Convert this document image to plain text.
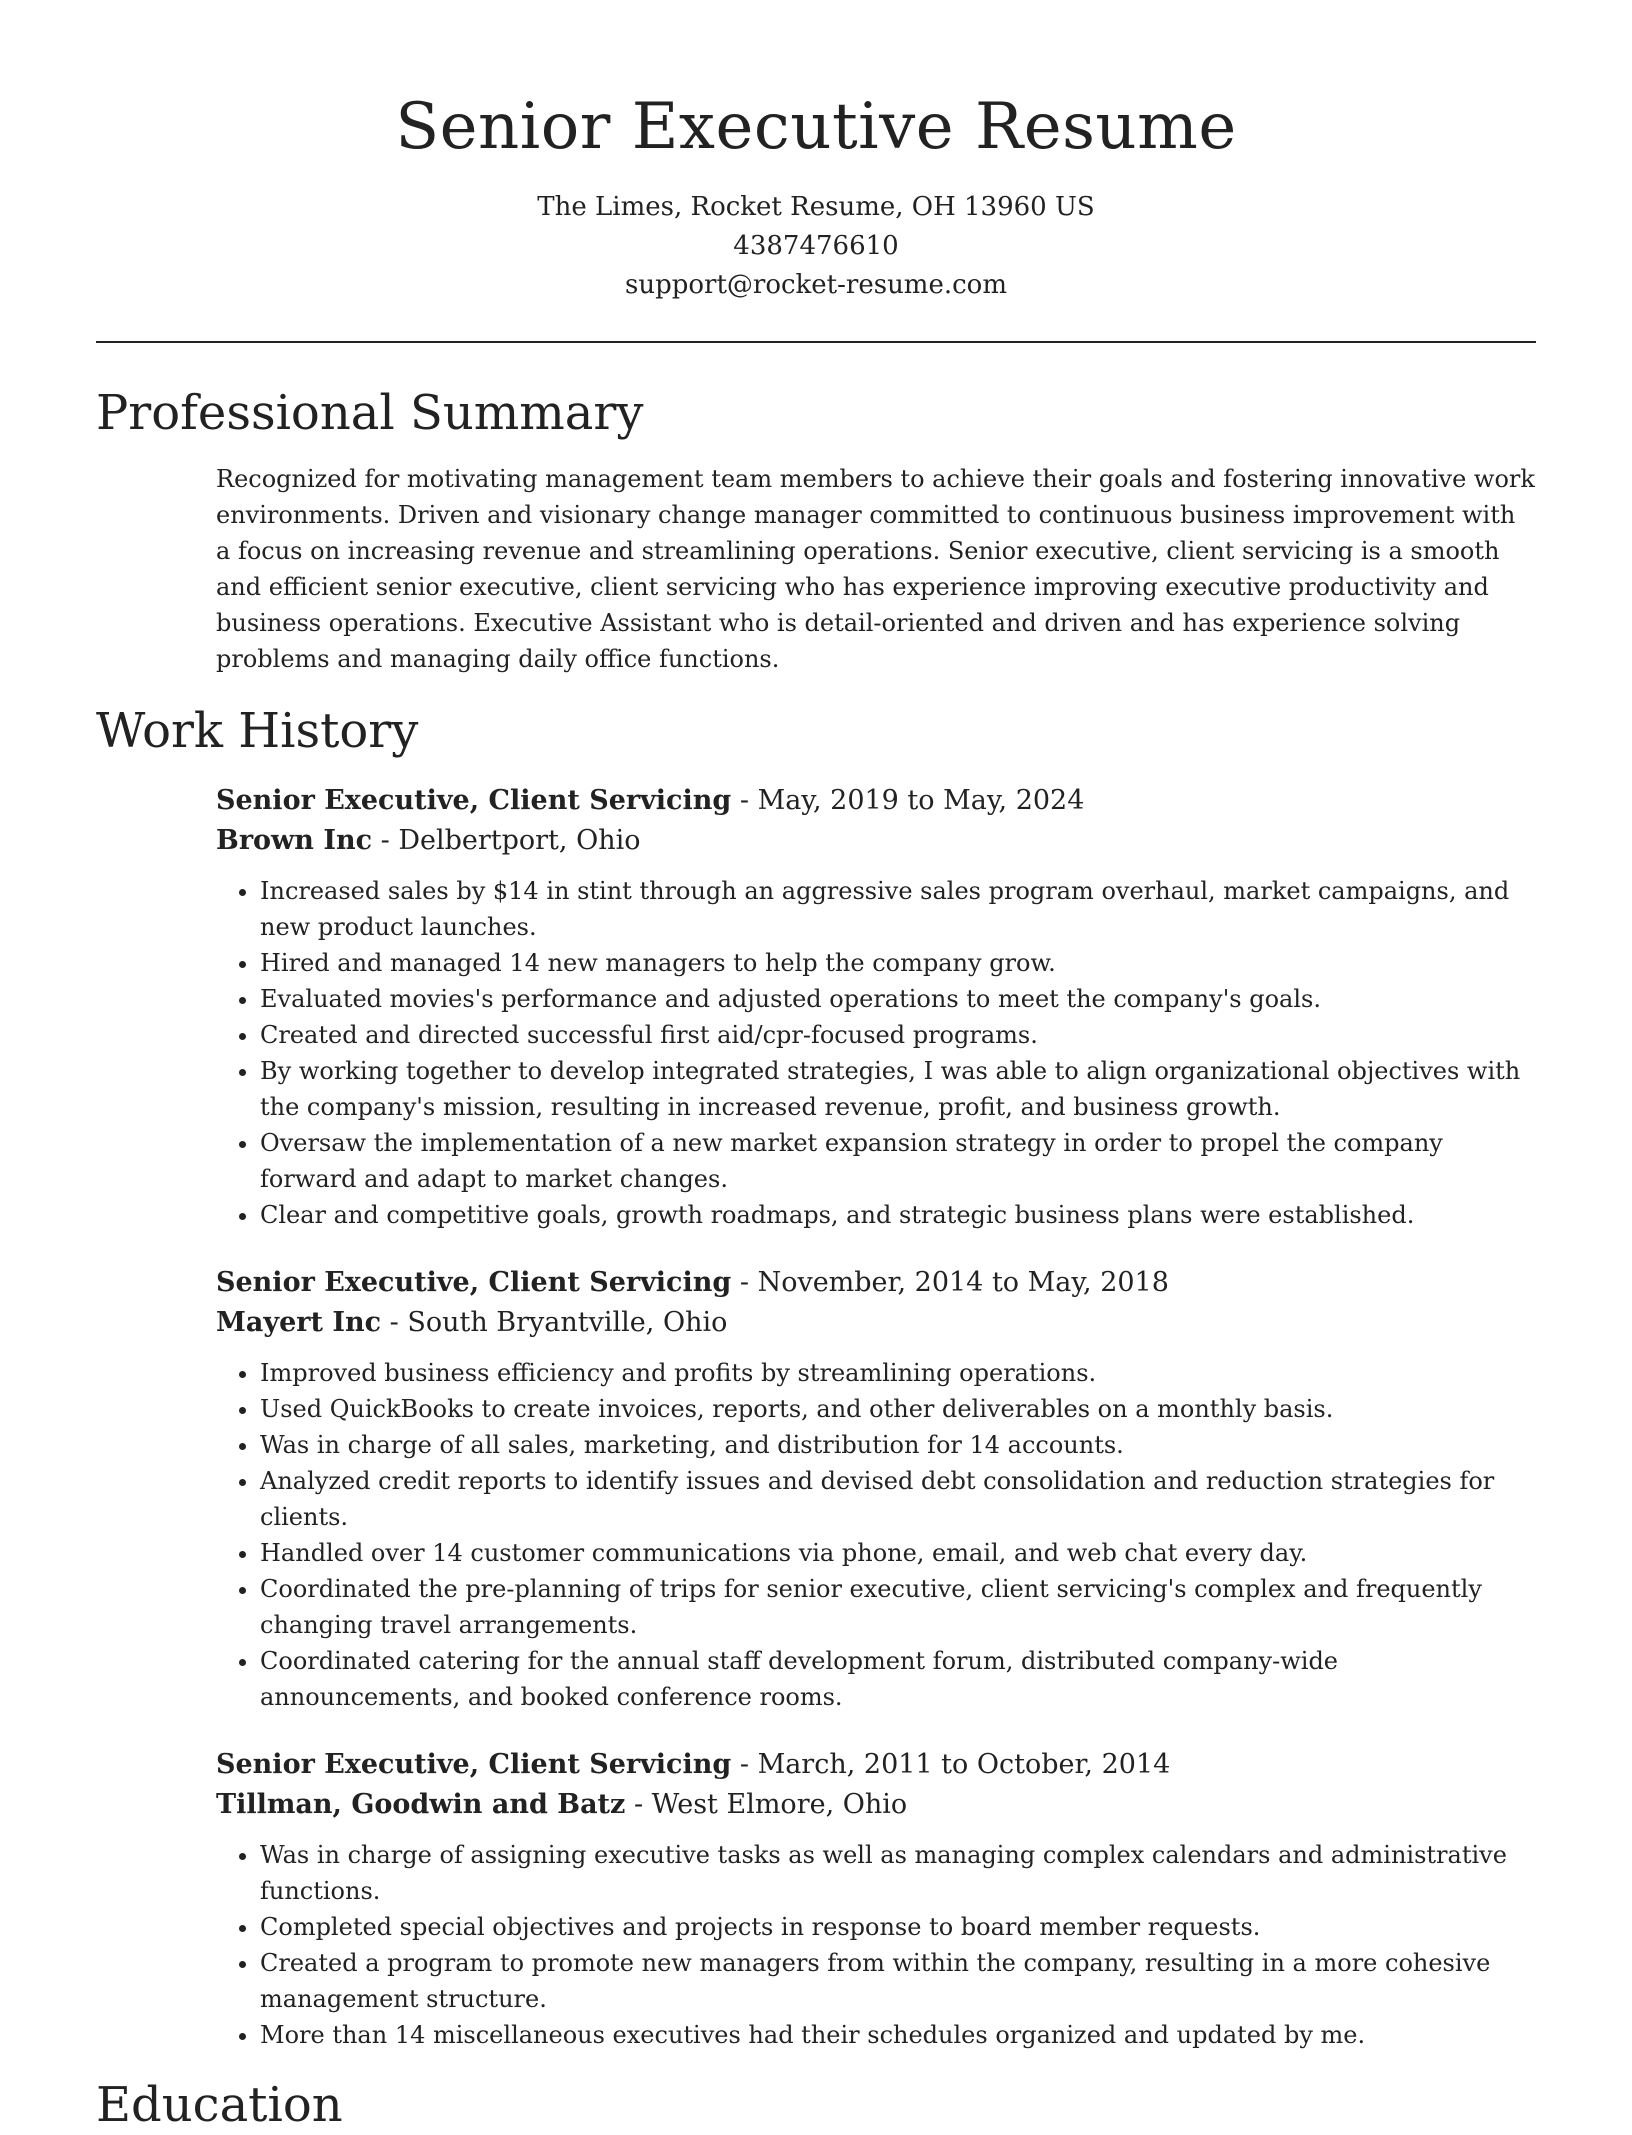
Senior Executive Resume
The Limes, Rocket Resume, OH 13960 US
4387476610
support@rocket-resume.com
Professional Summary

Recognized for motivating management team members to achieve their goals and fostering innovative work environments. Driven and visionary change manager committed to continuous business improvement with a focus on increasing revenue and streamlining operations. Senior executive, client servicing is a smooth and efficient senior executive, client servicing who has experience improving executive productivity and business operations. Executive Assistant who is detail-oriented and driven and has experience solving problems and managing daily office functions.

Work History
Senior Executive, Client Servicing - May, 2019 to May, 2024
Brown Inc - Delbertport, Ohio
• Increased sales by $14 in stint through an aggressive sales program overhaul, market campaigns, and new product launches.
• Hired and managed 14 new managers to help the company grow.
• Evaluated movies's performance and adjusted operations to meet the company's goals.
• Created and directed successful first aid/cpr-focused programs.
• By working together to develop integrated strategies, I was able to align organizational objectives with the company's mission, resulting in increased revenue, profit, and business growth.
• Oversaw the implementation of a new market expansion strategy in order to propel the company forward and adapt to market changes.
• Clear and competitive goals, growth roadmaps, and strategic business plans were established.
Senior Executive, Client Servicing - November, 2014 to May, 2018
Mayert Inc - South Bryantville, Ohio
• Improved business efficiency and profits by streamlining operations.
• Used QuickBooks to create invoices, reports, and other deliverables on a monthly basis.
• Was in charge of all sales, marketing, and distribution for 14 accounts.
• Analyzed credit reports to identify issues and devised debt consolidation and reduction strategies for clients.
• Handled over 14 customer communications via phone, email, and web chat every day.
• Coordinated the pre-planning of trips for senior executive, client servicing's complex and frequently changing travel arrangements.
• Coordinated catering for the annual staff development forum, distributed company-wide announcements, and booked conference rooms.
Senior Executive, Client Servicing - March, 2011 to October, 2014
Tillman, Goodwin and Batz - West Elmore, Ohio
• Was in charge of assigning executive tasks as well as managing complex calendars and administrative functions.
• Completed special objectives and projects in response to board member requests.
• Created a program to promote new managers from within the company, resulting in a more cohesive management structure.
• More than 14 miscellaneous executives had their schedules organized and updated by me.
Education
